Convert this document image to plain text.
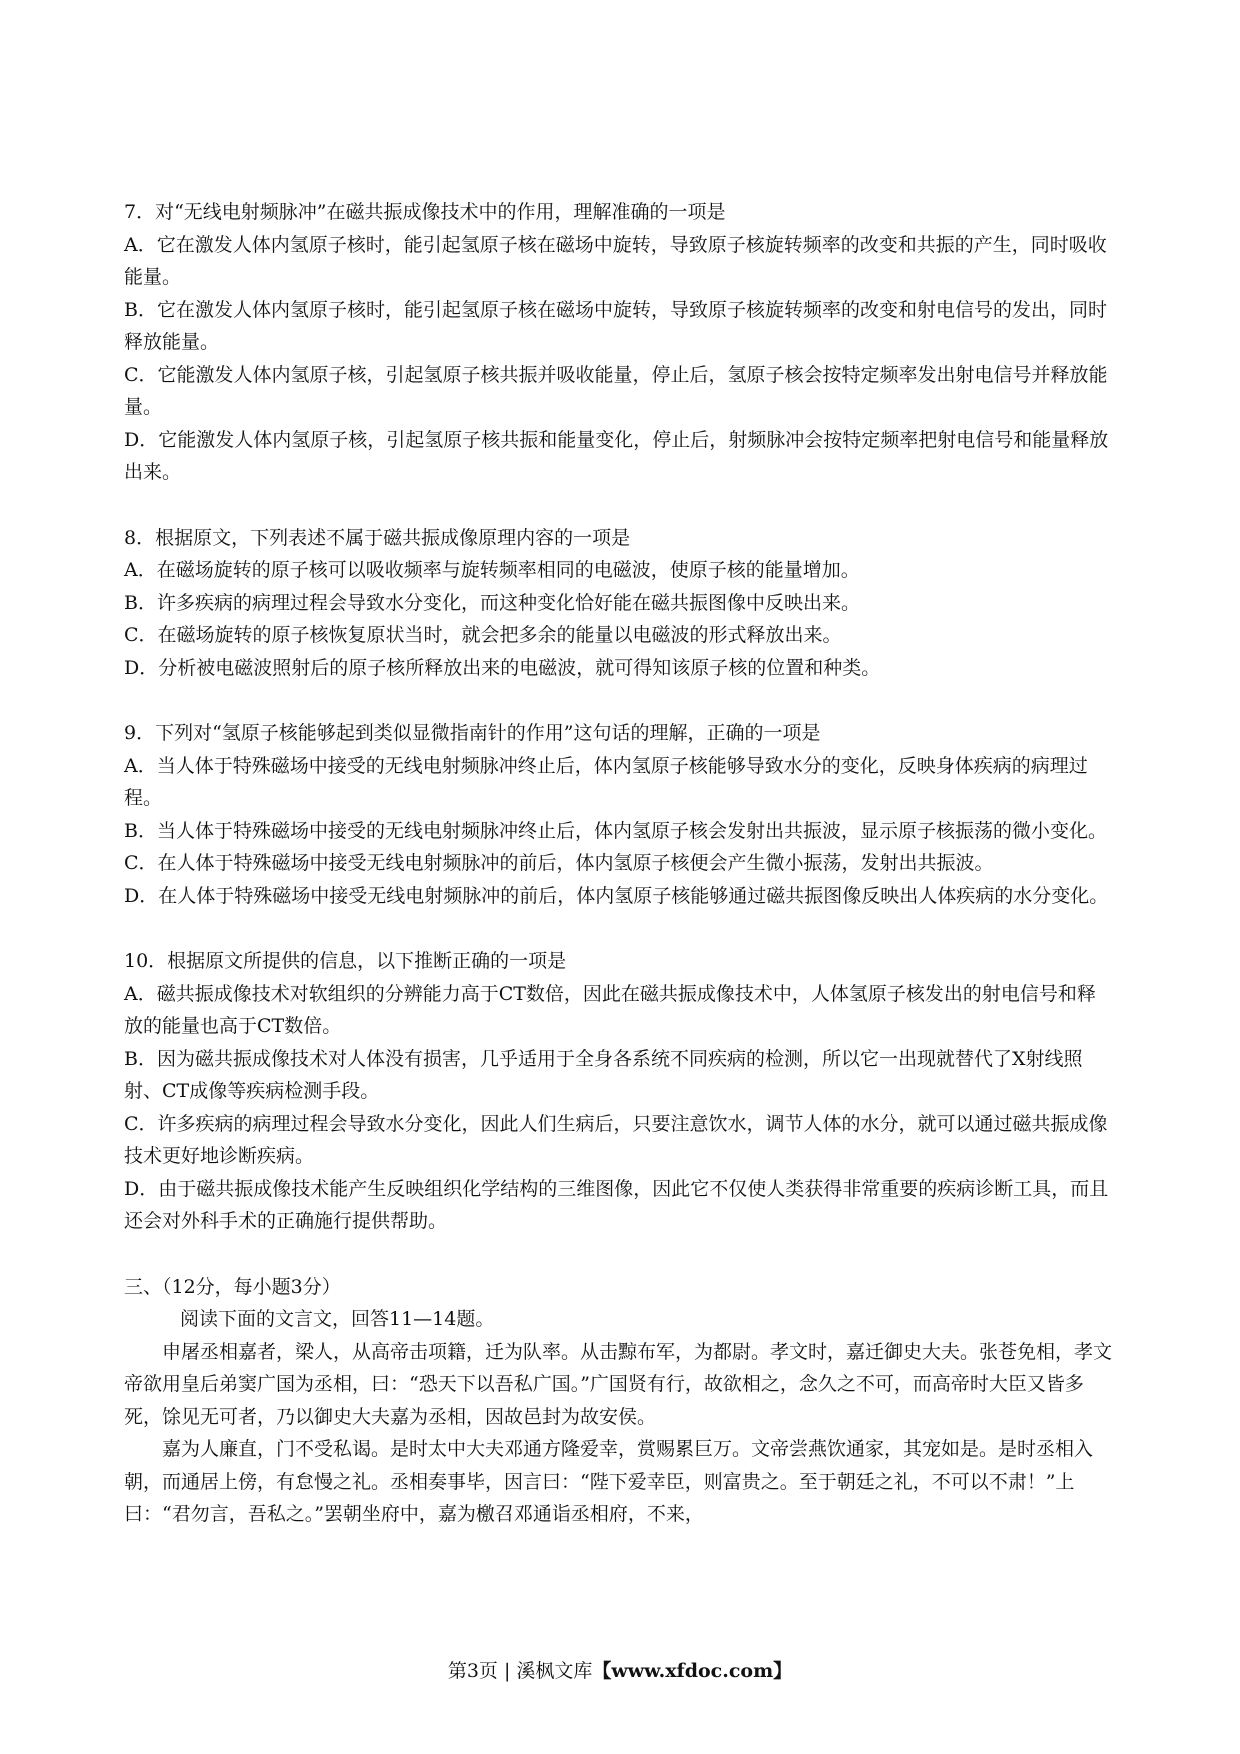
7．对“无线电射频脉冲”在磁共振成像技术中的作用，理解准确的一项是

A．它在激发人体内氢原子核时，能引起氢原子核在磁场中旋转，导致原子核旋转频率的改变和共振的产生，同时吸收能量。

B．它在激发人体内氢原子核时，能引起氢原子核在磁场中旋转，导致原子核旋转频率的改变和射电信号的发出，同时释放能量。

C．它能激发人体内氢原子核，引起氢原子核共振并吸收能量，停止后，氢原子核会按特定频率发出射电信号并释放能量。

D．它能激发人体内氢原子核，引起氢原子核共振和能量变化，停止后，射频脉冲会按特定频率把射电信号和能量释放出来。

8．根据原文，下列表述不属于磁共振成像原理内容的一项是

A．在磁场旋转的原子核可以吸收频率与旋转频率相同的电磁波，使原子核的能量增加。

B．许多疾病的病理过程会导致水分变化，而这种变化恰好能在磁共振图像中反映出来。

C．在磁场旋转的原子核恢复原状当时，就会把多余的能量以电磁波的形式释放出来。

D．分析被电磁波照射后的原子核所释放出来的电磁波，就可得知该原子核的位置和种类。

9．下列对“氢原子核能够起到类似显微指南针的作用”这句话的理解，正确的一项是

A．当人体于特殊磁场中接受的无线电射频脉冲终止后，体内氢原子核能够导致水分的变化，反映身体疾病的病理过程。

B．当人体于特殊磁场中接受的无线电射频脉冲终止后，体内氢原子核会发射出共振波，显示原子核振荡的微小变化。

C．在人体于特殊磁场中接受无线电射频脉冲的前后，体内氢原子核便会产生微小振荡，发射出共振波。

D．在人体于特殊磁场中接受无线电射频脉冲的前后，体内氢原子核能够通过磁共振图像反映出人体疾病的水分变化。

10．根据原文所提供的信息，以下推断正确的一项是

A．磁共振成像技术对软组织的分辨能力高于CT数倍，因此在磁共振成像技术中，人体氢原子核发出的射电信号和释放的能量也高于CT数倍。

B．因为磁共振成像技术对人体没有损害，几乎适用于全身各系统不同疾病的检测，所以它一出现就替代了X射线照射、CT成像等疾病检测手段。

C．许多疾病的病理过程会导致水分变化，因此人们生病后，只要注意饮水，调节人体的水分，就可以通过磁共振成像技术更好地诊断疾病。

D．由于磁共振成像技术能产生反映组织化学结构的三维图像，因此它不仅使人类获得非常重要的疾病诊断工具，而且还会对外科手术的正确施行提供帮助。

三、（12分，每小题3分）

阅读下面的文言文，回答11—14题。

申屠丞相嘉者，梁人，从高帝击项籍，迁为队率。从击黥布军，为都尉。孝文时，嘉迁御史大夫。张苍免相，孝文帝欲用皇后弟窦广国为丞相，曰：“恐天下以吾私广国。”广国贤有行，故欲相之，念久之不可，而高帝时大臣又皆多死，馀见无可者，乃以御史大夫嘉为丞相，因故邑封为故安侯。

嘉为人廉直，门不受私谒。是时太中大夫邓通方隆爱幸，赏赐累巨万。文帝尝燕饮通家，其宠如是。是时丞相入朝，而通居上傍，有怠慢之礼。丞相奏事毕，因言曰：“陛下爱幸臣，则富贵之。至于朝廷之礼，不可以不肃！”上曰：“君勿言，吾私之。”罢朝坐府中，嘉为檄召邓通诣丞相府，不来，

第3页 | 溪枫文库【www.xfdoc.com】
